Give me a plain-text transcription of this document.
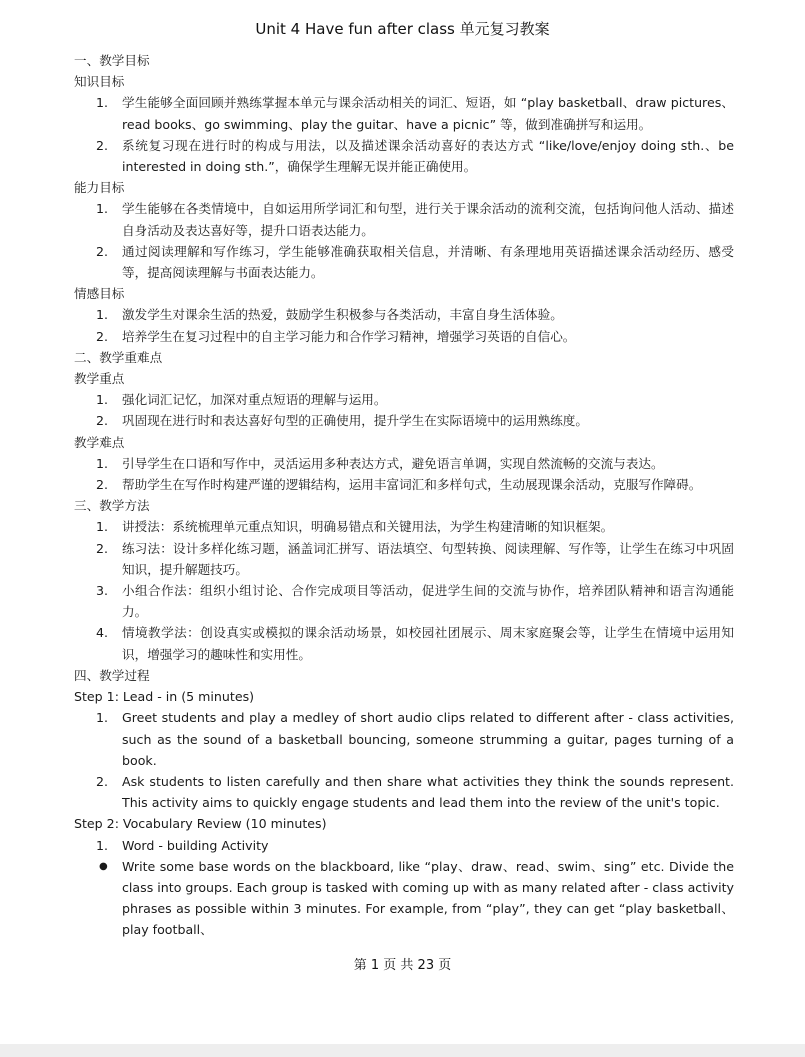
Unit 4 Have fun after class 单元复习教案
一、教学目标
知识目标
1.	学生能够全面回顾并熟练掌握本单元与课余活动相关的词汇、短语，如 “play basketball、draw pictures、read books、go swimming、play the guitar、have a picnic” 等，做到准确拼写和运用。
2.	系统复习现在进行时的构成与用法，以及描述课余活动喜好的表达方式 “like/love/enjoy doing sth.、be interested in doing sth.”，确保学生理解无误并能正确使用。
能力目标
1.	学生能够在各类情境中，自如运用所学词汇和句型，进行关于课余活动的流利交流，包括询问他人活动、描述自身活动及表达喜好等，提升口语表达能力。
2.	通过阅读理解和写作练习，学生能够准确获取相关信息，并清晰、有条理地用英语描述课余活动经历、感受等，提高阅读理解与书面表达能力。
情感目标
1.	激发学生对课余生活的热爱，鼓励学生积极参与各类活动，丰富自身生活体验。
2.	培养学生在复习过程中的自主学习能力和合作学习精神，增强学习英语的自信心。
二、教学重难点
教学重点
1.	强化词汇记忆，加深对重点短语的理解与运用。
2.	巩固现在进行时和表达喜好句型的正确使用，提升学生在实际语境中的运用熟练度。
教学难点
1.	引导学生在口语和写作中，灵活运用多种表达方式，避免语言单调，实现自然流畅的交流与表达。
2.	帮助学生在写作时构建严谨的逻辑结构，运用丰富词汇和多样句式，生动展现课余活动，克服写作障碍。
三、教学方法
1.	讲授法：系统梳理单元重点知识，明确易错点和关键用法，为学生构建清晰的知识框架。
2.	练习法：设计多样化练习题，涵盖词汇拼写、语法填空、句型转换、阅读理解、写作等，让学生在练习中巩固知识，提升解题技巧。
3.	小组合作法：组织小组讨论、合作完成项目等活动，促进学生间的交流与协作，培养团队精神和语言沟通能力。
4.	情境教学法：创设真实或模拟的课余活动场景，如校园社团展示、周末家庭聚会等，让学生在情境中运用知识，增强学习的趣味性和实用性。
四、教学过程
Step 1: Lead - in (5 minutes)
1.	Greet students and play a medley of short audio clips related to different after - class activities, such as the sound of a basketball bouncing, someone strumming a guitar, pages turning of a book.
2.	Ask students to listen carefully and then share what activities they think the sounds represent. This activity aims to quickly engage students and lead them into the review of the unit's topic.
Step 2: Vocabulary Review (10 minutes)
1.	Word - building Activity
● Write some base words on the blackboard, like “play、draw、read、swim、sing” etc. Divide the class into groups. Each group is tasked with coming up with as many related after - class activity phrases as possible within 3 minutes. For example, from “play”, they can get “play basketball、play football、
第 1 页 共 23 页
